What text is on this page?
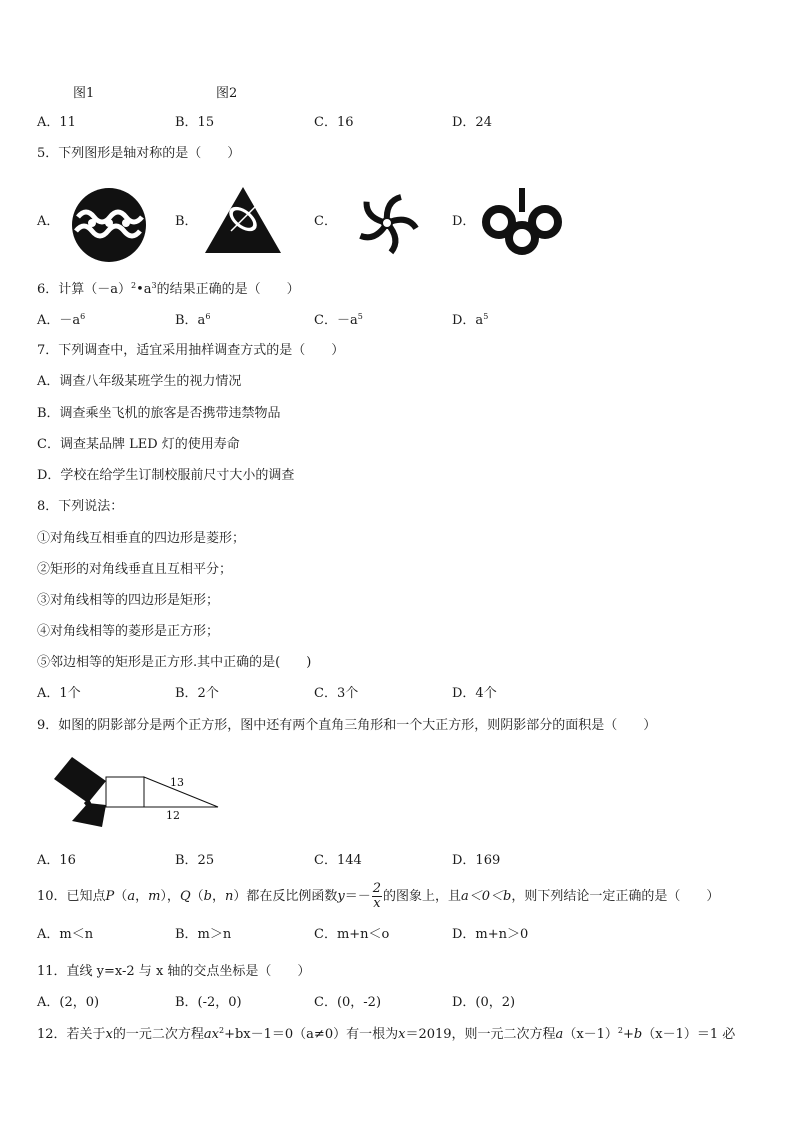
图1	图2
A．11	B．15	C．16	D．24
5．下列图形是轴对称的是（　　）
A．	B．	C．	D．
6．计算$(-a)^2•a^3$的结果正确的是（　　）
A．$-a^6$	B．$a^6$	C．$-a^5$	D．$a^5$
7．下列调查中，适宜采用抽样调查方式的是（　　）
A．调查八年级某班学生的视力情况
B．调查乘坐飞机的旅客是否携带违禁物品
C．调查某品牌 LED 灯的使用寿命
D．学校在给学生订制校服前尺寸大小的调查
8．下列说法：
①对角线互相垂直的四边形是菱形；
②矩形的对角线垂直且互相平分；
③对角线相等的四边形是矩形；
④对角线相等的菱形是正方形；
⑤邻边相等的矩形是正方形.其中正确的是(　　)
A．1个	B．2个	C．3个	D．4个
9．如图的阴影部分是两个正方形，图中还有两个直角三角形和一个大正方形，则阴影部分的面积是（　　）
13
12
A．16	B．25	C．144	D．169
10．已知点P（a，m），Q（b，n）都在反比例函数$y=- \frac{2}{x}$ 的图象上，且a＜0＜b，则下列结论一定正确的是（　　）
A．m＜n	B．m＞n	C．m+n＜o	D．m+n＞0
11．直线 y=x-2 与 x 轴的交点坐标是（　　）
A．(2，0)	B．(-2，0)	C．(0，-2)	D．(0，2)
12．若关于x的一元二次方程$ax^2+bx-1=0(a\ne 0)$有一根为x＝2019，则一元二次方程$a(x-1)^2+b(x-1)=1$ 必
